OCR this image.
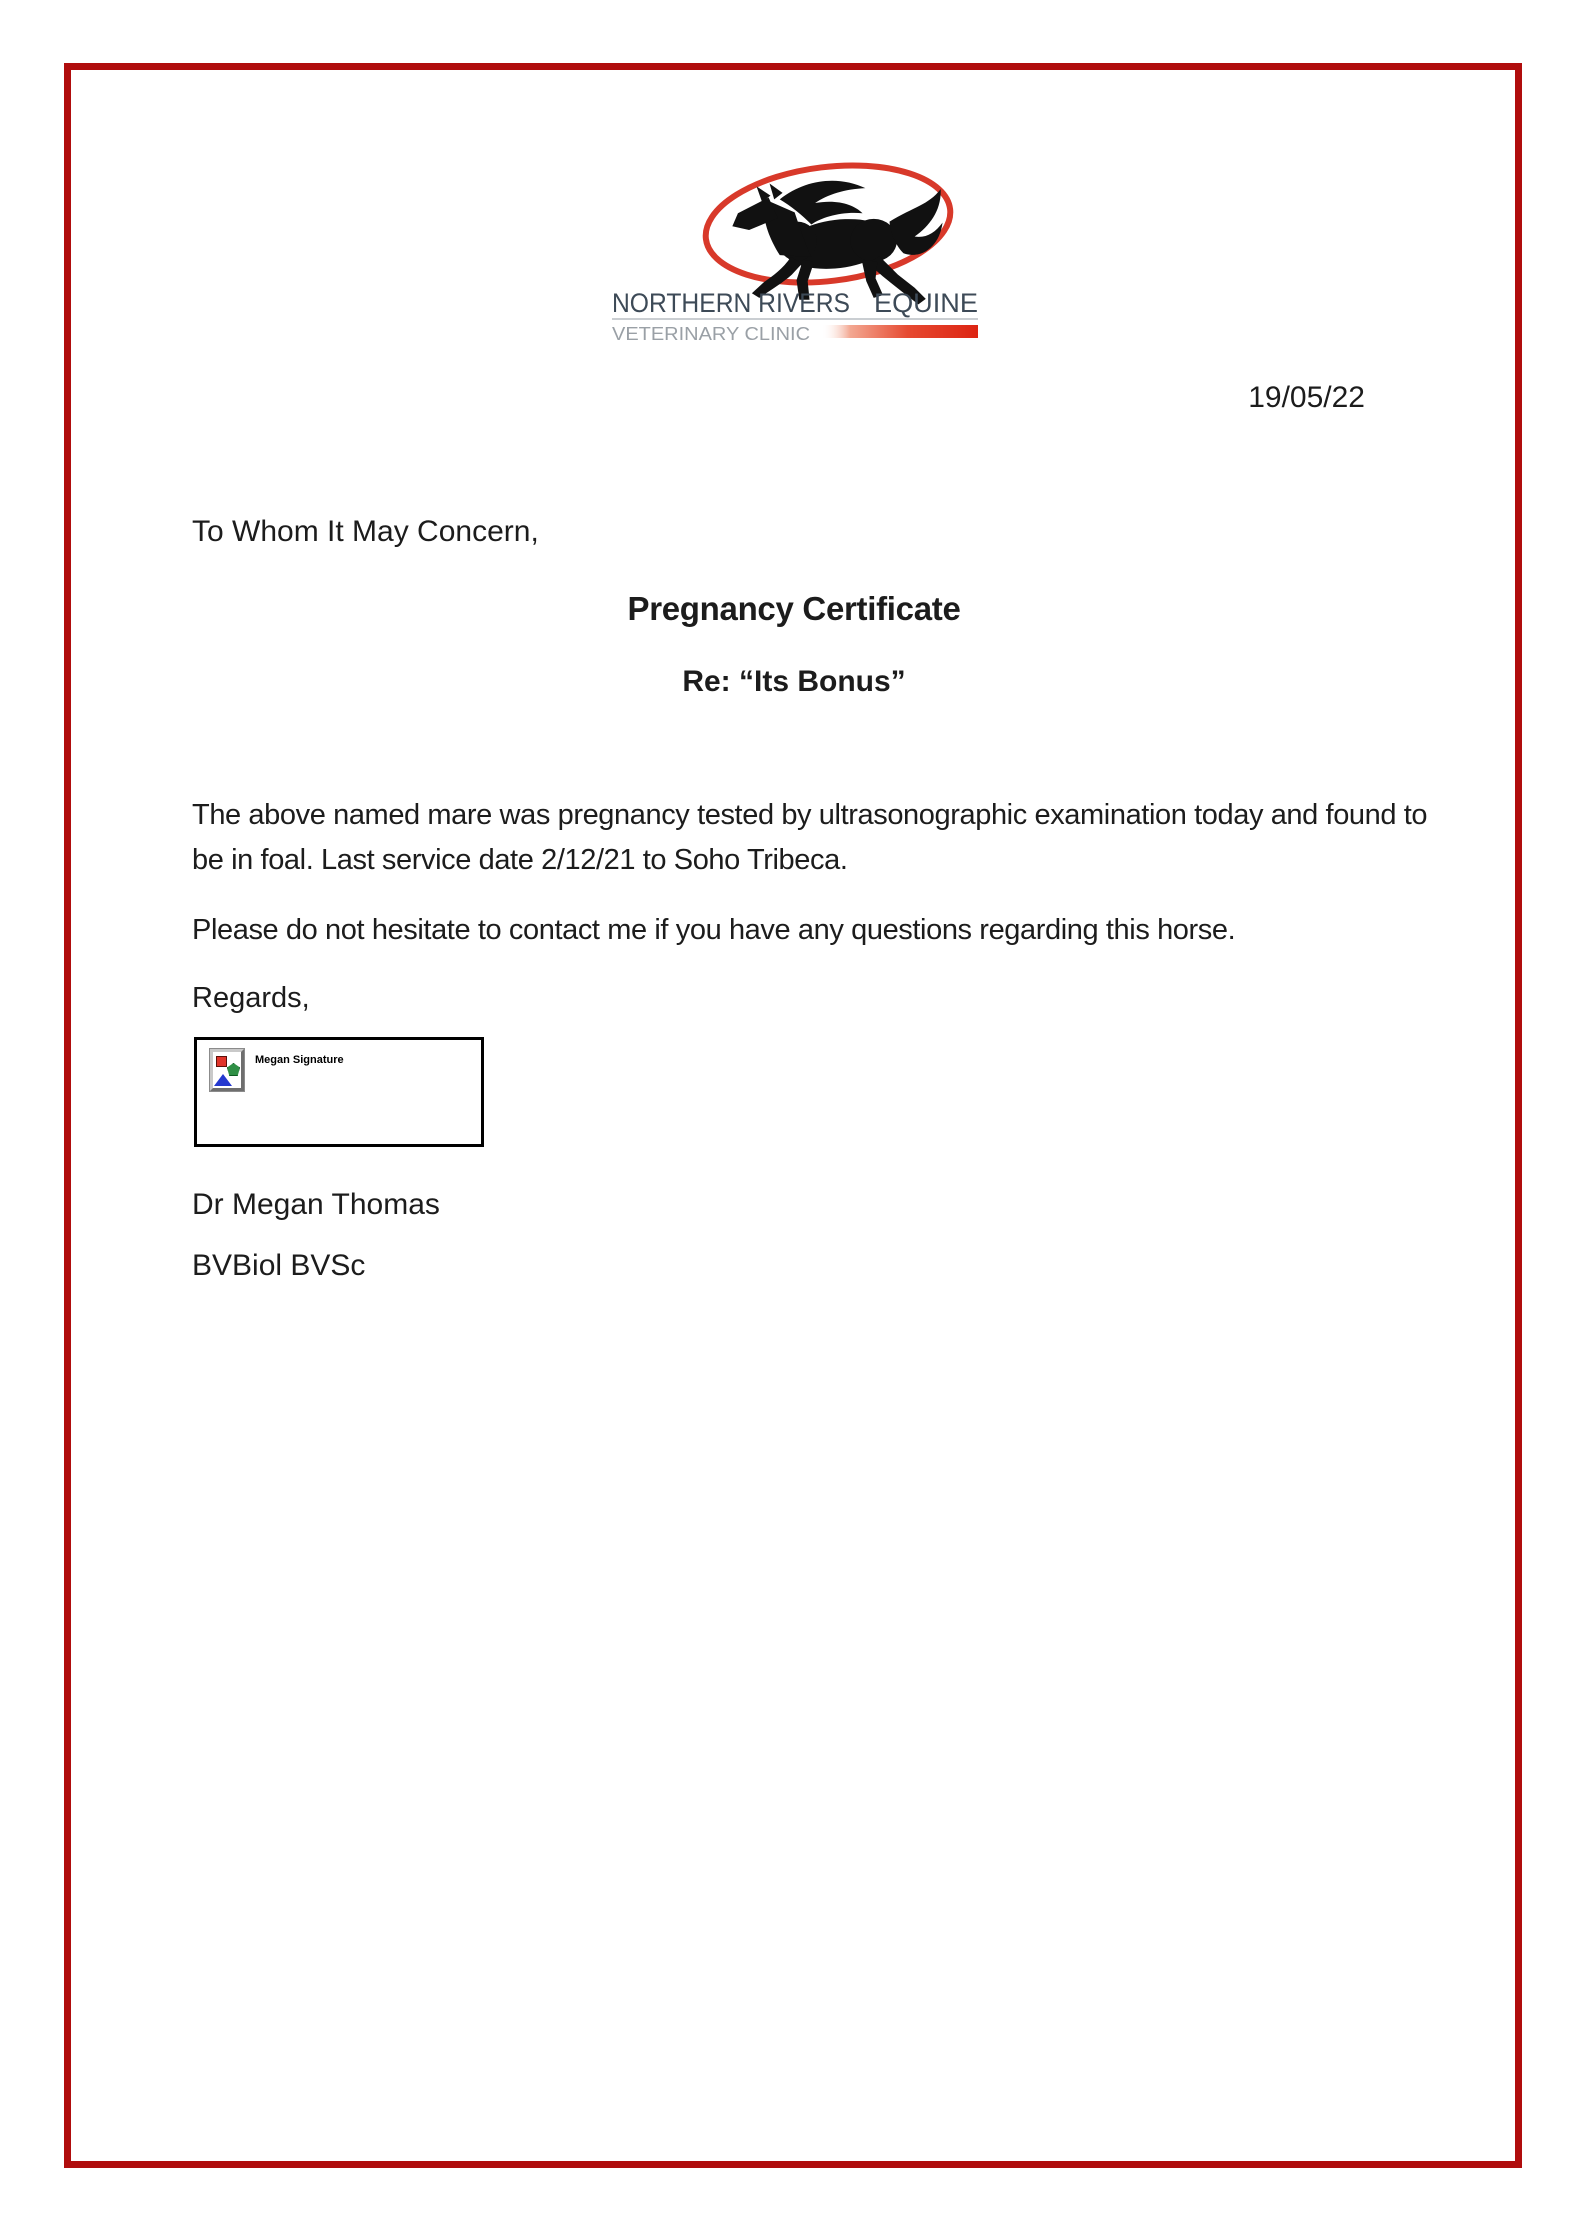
NORTHERN RIVERS EQUINE
VETERINARY CLINIC
19/05/22
To Whom It May Concern,
Pregnancy Certificate
Re: “Its Bonus”
The above named mare was pregnancy tested by ultrasonographic examination today and found to
be in foal. Last service date 2/12/21 to Soho Tribeca.
Please do not hesitate to contact me if you have any questions regarding this horse.
Regards,
Megan Signature
Dr Megan Thomas
BVBiol BVSc
